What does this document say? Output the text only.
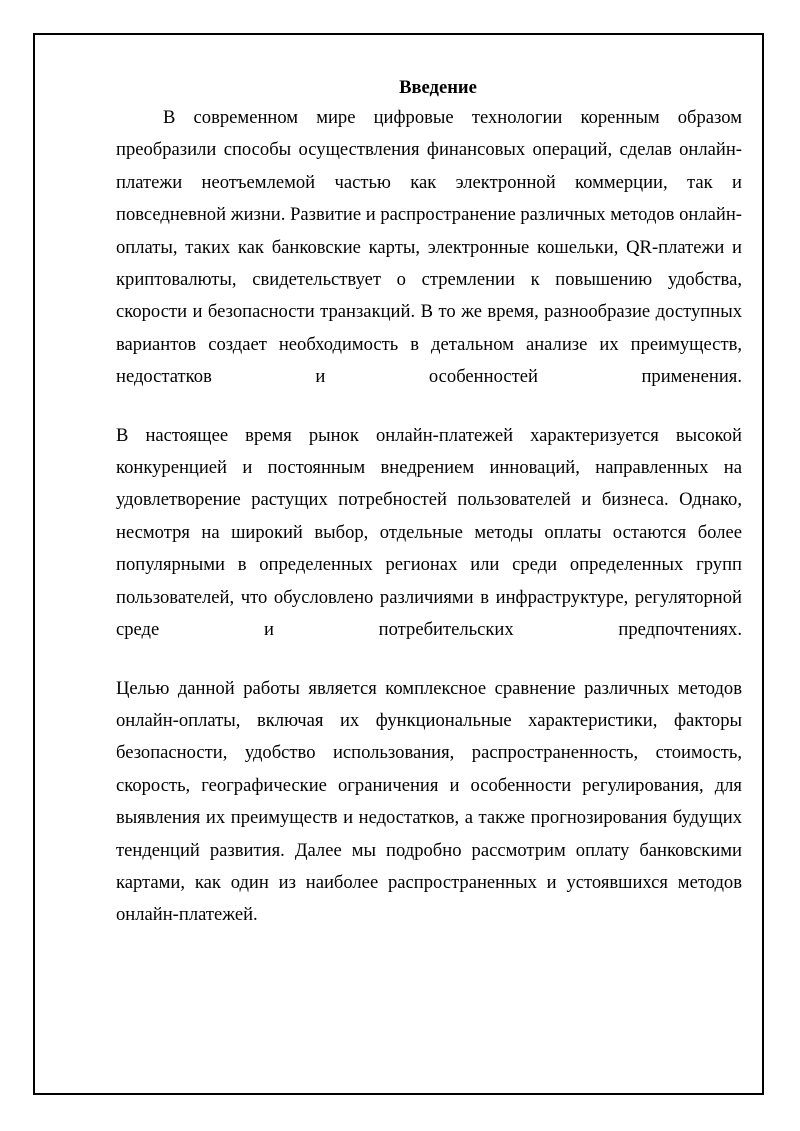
Введение

В современном мире цифровые технологии коренным образом преобразили способы осуществления финансовых операций, сделав онлайн-платежи неотъемлемой частью как электронной коммерции, так и повседневной жизни. Развитие и распространение различных методов онлайн-оплаты, таких как банковские карты, электронные кошельки, QR-платежи и криптовалюты, свидетельствует о стремлении к повышению удобства, скорости и безопасности транзакций. В то же время, разнообразие доступных вариантов создает необходимость в детальном анализе их преимуществ, недостатков и особенностей применения.

В настоящее время рынок онлайн-платежей характеризуется высокой конкуренцией и постоянным внедрением инноваций, направленных на удовлетворение растущих потребностей пользователей и бизнеса. Однако, несмотря на широкий выбор, отдельные методы оплаты остаются более популярными в определенных регионах или среди определенных групп пользователей, что обусловлено различиями в инфраструктуре, регуляторной среде и потребительских предпочтениях.

Целью данной работы является комплексное сравнение различных методов онлайн-оплаты, включая их функциональные характеристики, факторы безопасности, удобство использования, распространенность, стоимость, скорость, географические ограничения и особенности регулирования, для выявления их преимуществ и недостатков, а также прогнозирования будущих тенденций развития. Далее мы подробно рассмотрим оплату банковскими картами, как один из наиболее распространенных и устоявшихся методов онлайн-платежей.
